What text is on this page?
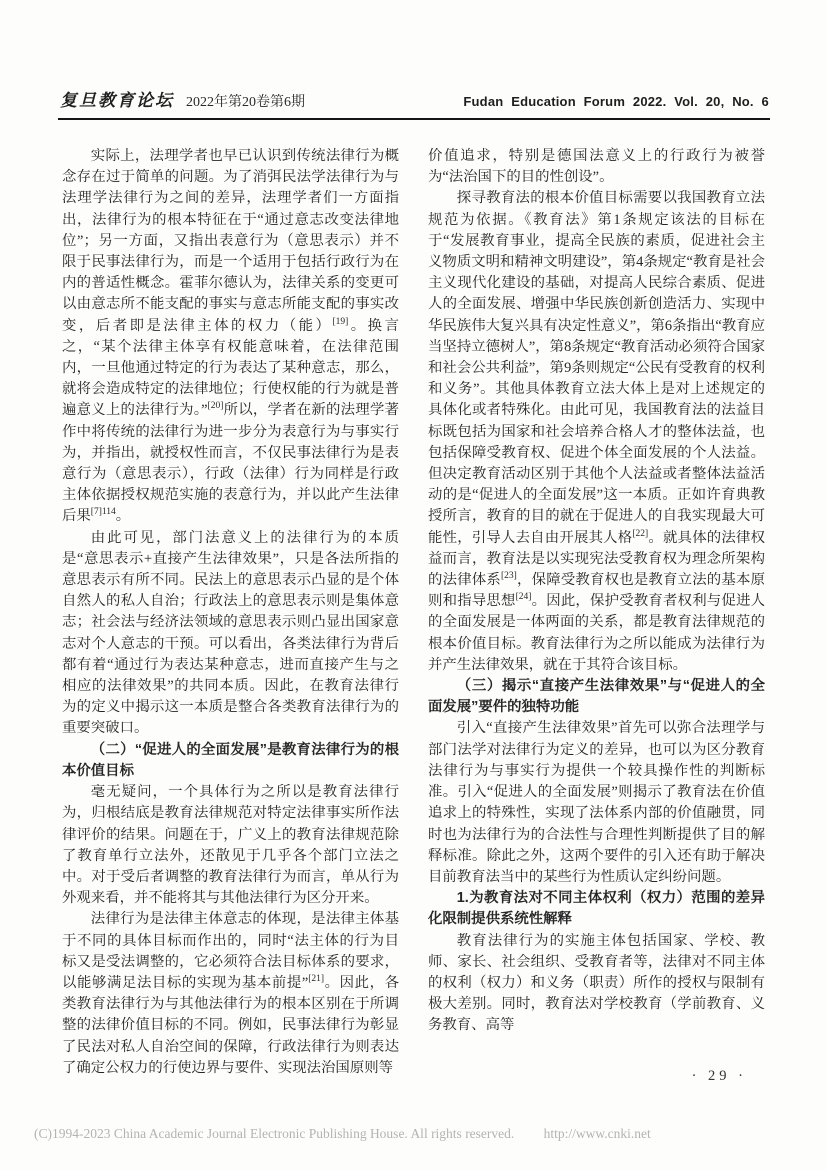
复旦教育论坛 2022年第20卷第6期	Fudan Education Forum 2022. Vol. 20, No. 6

实际上，法理学者也早已认识到传统法律行为概念存在过于简单的问题。为了消弭民法学法律行为与法理学法律行为之间的差异，法理学者们一方面指出，法律行为的根本特征在于“通过意志改变法律地位”；另一方面，又指出表意行为（意思表示）并不限于民事法律行为，而是一个适用于包括行政行为在内的普适性概念。霍菲尔德认为，法律关系的变更可以由意志所不能支配的事实与意志所能支配的事实改变，后者即是法律主体的权力（能）[19]。换言之，“某个法律主体享有权能意味着，在法律范围内，一旦他通过特定的行为表达了某种意志，那么，就将会造成特定的法律地位；行使权能的行为就是普遍意义上的法律行为。”[20]所以，学者在新的法理学著作中将传统的法律行为进一步分为表意行为与事实行为，并指出，就授权性而言，不仅民事法律行为是表意行为（意思表示），行政（法律）行为同样是行政主体依据授权规范实施的表意行为，并以此产生法律后果$^{[7]114}$。

由此可见，部门法意义上的法律行为的本质是“意思表示+直接产生法律效果”，只是各法所指的意思表示有所不同。民法上的意思表示凸显的是个体自然人的私人自治；行政法上的意思表示则是集体意志；社会法与经济法领域的意思表示则凸显出国家意志对个人意志的干预。可以看出，各类法律行为背后都有着“通过行为表达某种意志，进而直接产生与之相应的法律效果”的共同本质。因此，在教育法律行为的定义中揭示这一本质是整合各类教育法律行为的重要突破口。

（二）“促进人的全面发展”是教育法律行为的根本价值目标

毫无疑问，一个具体行为之所以是教育法律行为，归根结底是教育法律规范对特定法律事实所作法律评价的结果。问题在于，广义上的教育法律规范除了教育单行立法外，还散见于几乎各个部门立法之中。对于受后者调整的教育法律行为而言，单从行为外观来看，并不能将其与其他法律行为区分开来。

法律行为是法律主体意志的体现，是法律主体基于不同的具体目标而作出的，同时“法主体的行为目标又是受法调整的，它必须符合法目标体系的要求，以能够满足法目标的实现为基本前提”[21]。因此，各类教育法律行为与其他法律行为的根本区别在于所调整的法律价值目标的不同。例如，民事法律行为彰显了民法对私人自治空间的保障，行政法律行为则表达了确定公权力的行使边界与要件、实现法治国原则等

价值追求，特别是德国法意义上的行政行为被誉为“法治国下的目的性创设”。

探寻教育法的根本价值目标需要以我国教育立法规范为依据。《教育法》第1条规定该法的目标在于“发展教育事业，提高全民族的素质，促进社会主义物质文明和精神文明建设”，第4条规定“教育是社会主义现代化建设的基础，对提高人民综合素质、促进人的全面发展、增强中华民族创新创造活力、实现中华民族伟大复兴具有决定性意义”，第6条指出“教育应当坚持立德树人”，第8条规定“教育活动必须符合国家和社会公共利益”，第9条则规定“公民有受教育的权利和义务”。其他具体教育立法大体上是对上述规定的具体化或者特殊化。由此可见，我国教育法的法益目标既包括为国家和社会培养合格人才的整体法益，也包括保障受教育权、促进个体全面发展的个人法益。但决定教育活动区别于其他个人法益或者整体法益活动的是“促进人的全面发展”这一本质。正如许育典教授所言，教育的目的就在于促进人的自我实现最大可能性，引导人去自由开展其人格[22]。就具体的法律权益而言，教育法是以实现宪法受教育权为理念所架构的法律体系[23]，保障受教育权也是教育立法的基本原则和指导思想[24]。因此，保护受教育者权利与促进人的全面发展是一体两面的关系，都是教育法律规范的根本价值目标。教育法律行为之所以能成为法律行为并产生法律效果，就在于其符合该目标。

（三）揭示“直接产生法律效果”与“促进人的全面发展”要件的独特功能

引入“直接产生法律效果”首先可以弥合法理学与部门法学对法律行为定义的差异，也可以为区分教育法律行为与事实行为提供一个较具操作性的判断标准。引入“促进人的全面发展”则揭示了教育法在价值追求上的特殊性，实现了法体系内部的价值融贯，同时也为法律行为的合法性与合理性判断提供了目的解释标准。除此之外，这两个要件的引入还有助于解决目前教育法当中的某些行为性质认定纠纷问题。

1.为教育法对不同主体权利（权力）范围的差异化限制提供系统性解释

教育法律行为的实施主体包括国家、学校、教师、家长、社会组织、受教育者等，法律对不同主体的权利（权力）和义务（职责）所作的授权与限制有极大差别。同时，教育法对学校教育（学前教育、义务教育、高等

· 29 ·
(C)1994-2023 China Academic Journal Electronic Publishing House. All rights reserved. http://www.cnki.net
